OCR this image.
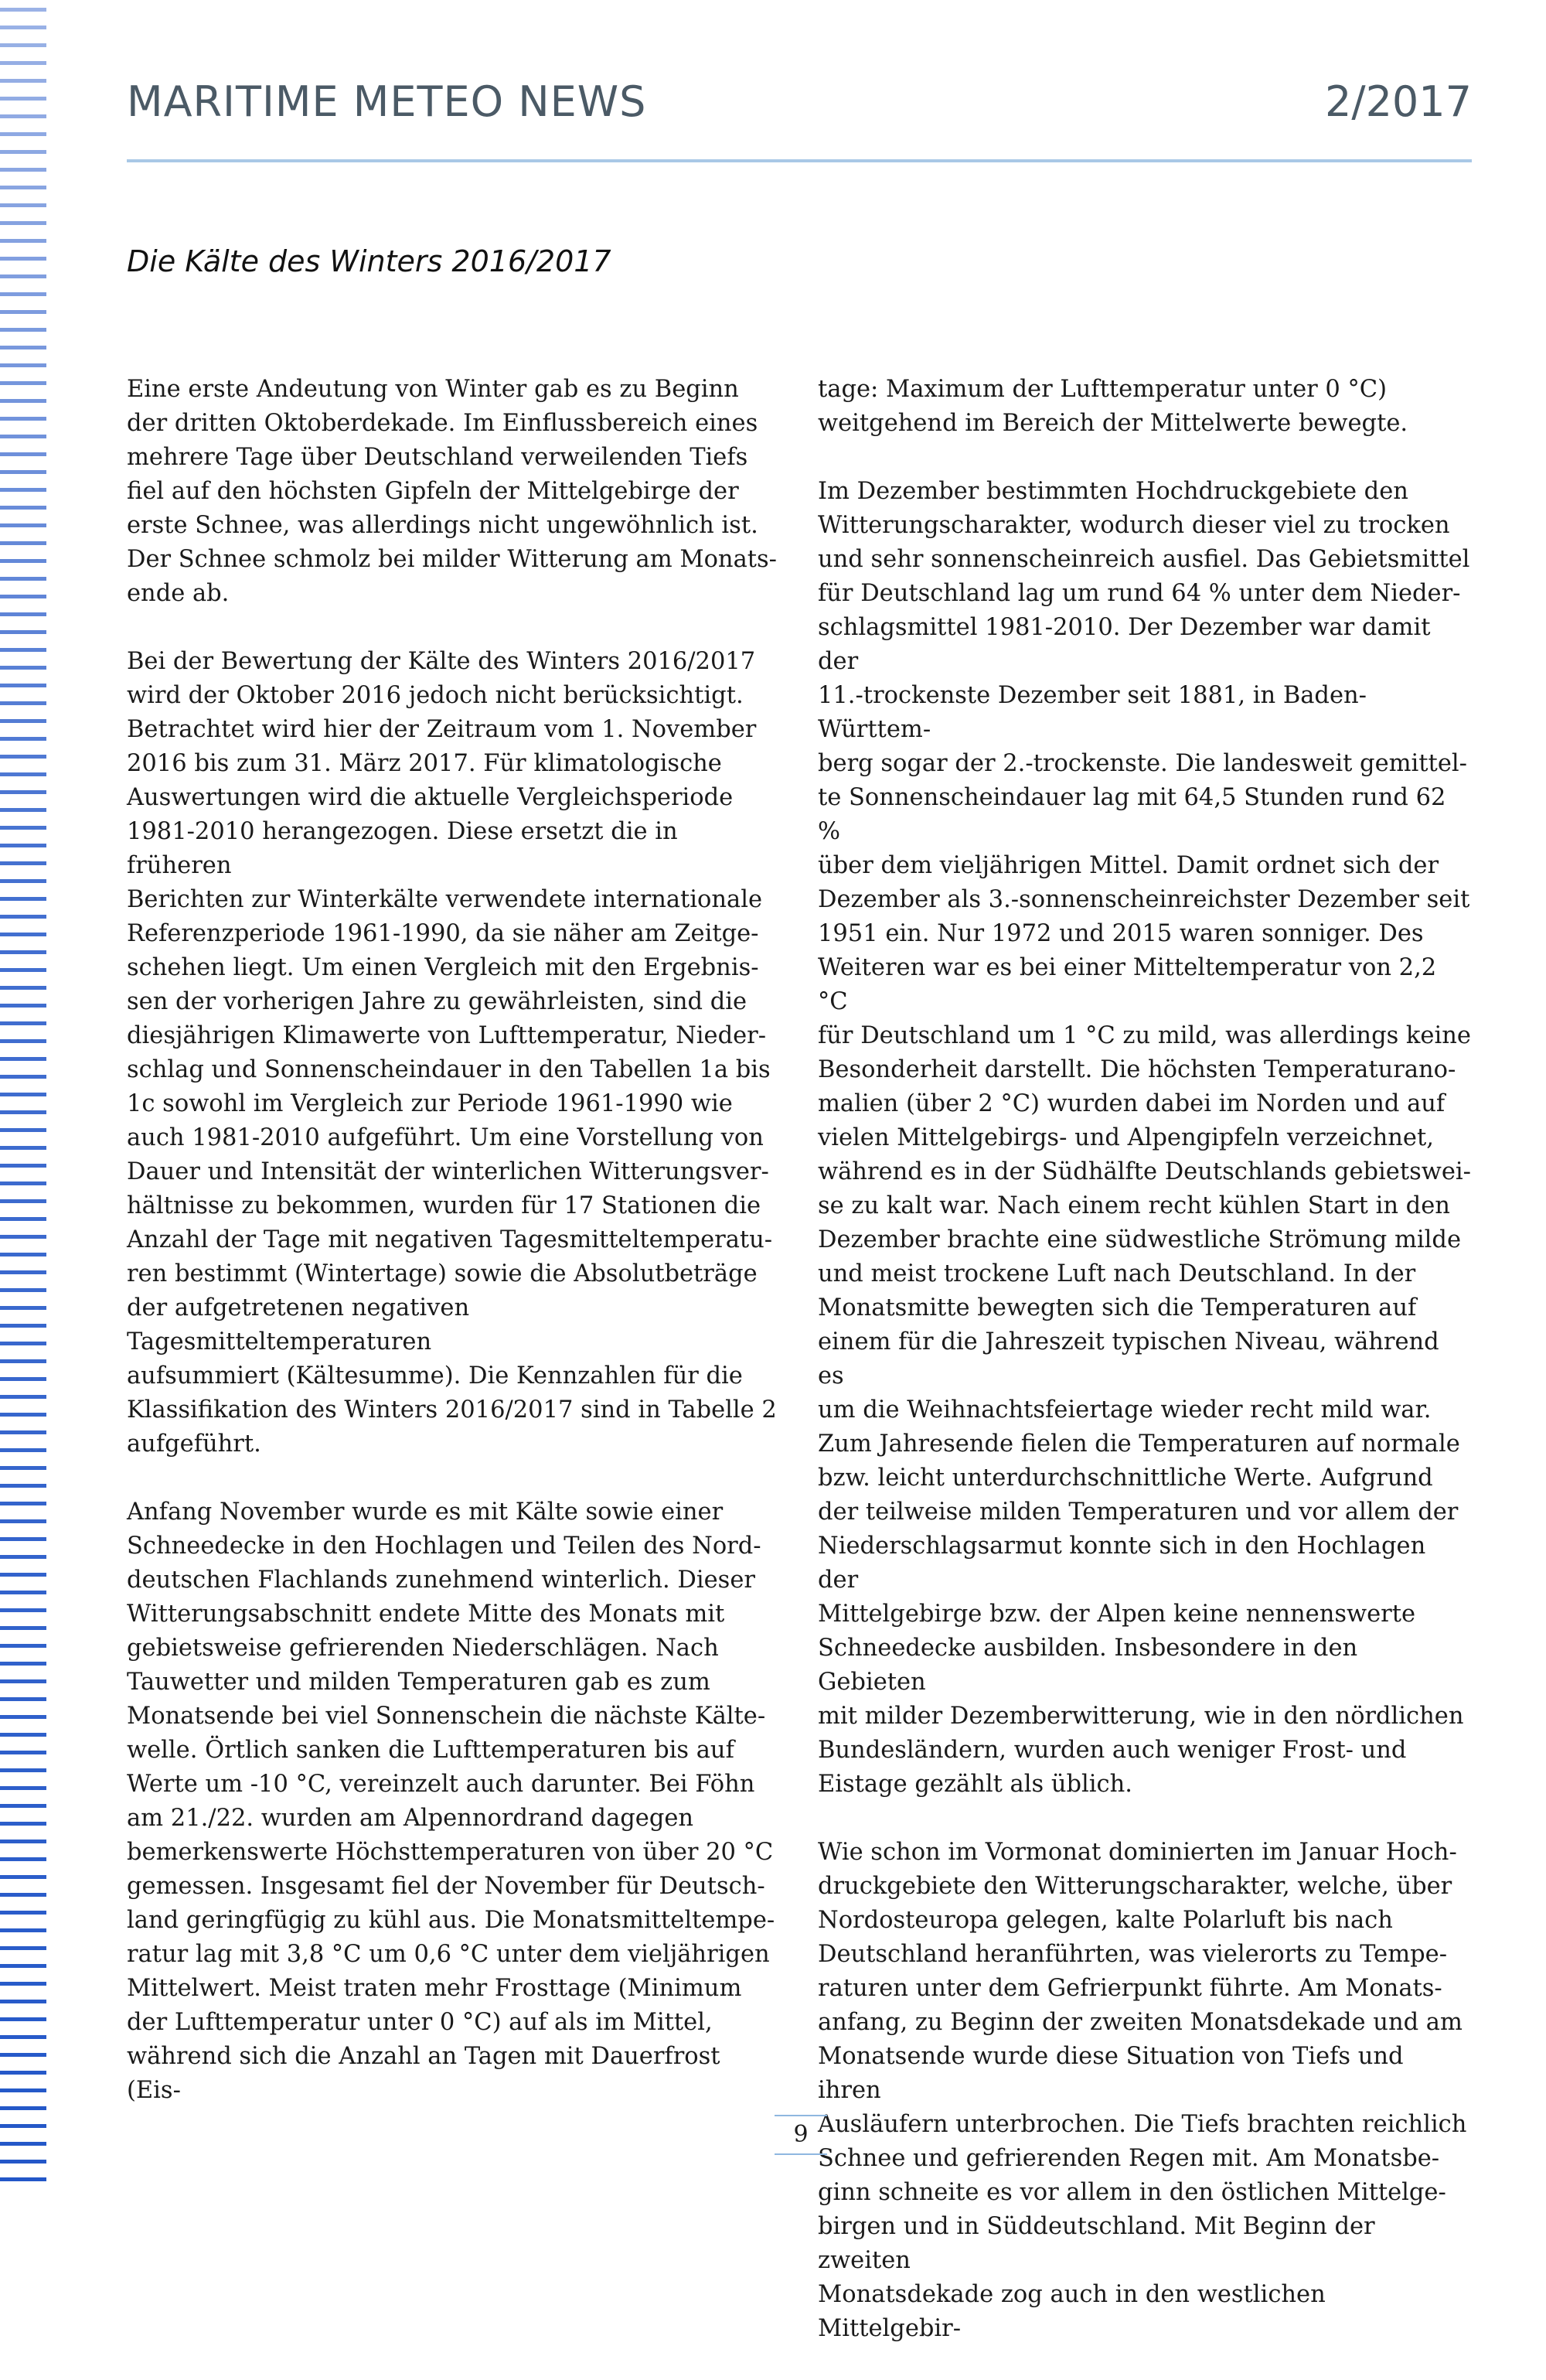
MARITIME METEO NEWS	2/2017
Die Kälte des Winters 2016/2017

Eine erste Andeutung von Winter gab es zu Beginn
der dritten Oktoberdekade. Im Einflussbereich eines
mehrere Tage über Deutschland verweilenden Tiefs
fiel auf den höchsten Gipfeln der Mittelgebirge der
erste Schnee, was allerdings nicht ungewöhnlich ist.
Der Schnee schmolz bei milder Witterung am Monats-
ende ab.

Bei der Bewertung der Kälte des Winters 2016/2017
wird der Oktober 2016 jedoch nicht berücksichtigt.
Betrachtet wird hier der Zeitraum vom 1. November
2016 bis zum 31. März 2017. Für klimatologische
Auswertungen wird die aktuelle Vergleichsperiode
1981-2010 herangezogen. Diese ersetzt die in früheren
Berichten zur Winterkälte verwendete internationale
Referenzperiode 1961-1990, da sie näher am Zeitge-
schehen liegt. Um einen Vergleich mit den Ergebnis-
sen der vorherigen Jahre zu gewährleisten, sind die
diesjährigen Klimawerte von Lufttemperatur, Nieder-
schlag und Sonnenscheindauer in den Tabellen 1a bis
1c sowohl im Vergleich zur Periode 1961-1990 wie
auch 1981-2010 aufgeführt. Um eine Vorstellung von
Dauer und Intensität der winterlichen Witterungsver-
hältnisse zu bekommen, wurden für 17 Stationen die
Anzahl der Tage mit negativen Tagesmitteltemperatu-
ren bestimmt (Wintertage) sowie die Absolutbeträge
der aufgetretenen negativen Tagesmitteltemperaturen
aufsummiert (Kältesumme). Die Kennzahlen für die
Klassifikation des Winters 2016/2017 sind in Tabelle 2
aufgeführt.

Anfang November wurde es mit Kälte sowie einer
Schneedecke in den Hochlagen und Teilen des Nord-
deutschen Flachlands zunehmend winterlich. Dieser
Witterungsabschnitt endete Mitte des Monats mit
gebietsweise gefrierenden Niederschlägen. Nach
Tauwetter und milden Temperaturen gab es zum
Monatsende bei viel Sonnenschein die nächste Kälte-
welle. Örtlich sanken die Lufttemperaturen bis auf
Werte um -10 °C, vereinzelt auch darunter. Bei Föhn
am 21./22. wurden am Alpennordrand dagegen
bemerkenswerte Höchsttemperaturen von über 20 °C
gemessen. Insgesamt fiel der November für Deutsch-
land geringfügig zu kühl aus. Die Monatsmitteltempe-
ratur lag mit 3,8 °C um 0,6 °C unter dem vieljährigen
Mittelwert. Meist traten mehr Frosttage (Minimum
der Lufttemperatur unter 0 °C) auf als im Mittel,
während sich die Anzahl an Tagen mit Dauerfrost (Eis-

tage: Maximum der Lufttemperatur unter 0 °C)
weitgehend im Bereich der Mittelwerte bewegte.

Im Dezember bestimmten Hochdruckgebiete den
Witterungscharakter, wodurch dieser viel zu trocken
und sehr sonnenscheinreich ausfiel. Das Gebietsmittel
für Deutschland lag um rund 64 % unter dem Nieder-
schlagsmittel 1981-2010. Der Dezember war damit der
11.-trockenste Dezember seit 1881, in Baden-Württem-
berg sogar der 2.-trockenste. Die landesweit gemittel-
te Sonnenscheindauer lag mit 64,5 Stunden rund 62 %
über dem vieljährigen Mittel. Damit ordnet sich der
Dezember als 3.-sonnenscheinreichster Dezember seit
1951 ein. Nur 1972 und 2015 waren sonniger. Des
Weiteren war es bei einer Mitteltemperatur von 2,2 °C
für Deutschland um 1 °C zu mild, was allerdings keine
Besonderheit darstellt. Die höchsten Temperaturano-
malien (über 2 °C) wurden dabei im Norden und auf
vielen Mittelgebirgs- und Alpengipfeln verzeichnet,
während es in der Südhälfte Deutschlands gebietswei-
se zu kalt war. Nach einem recht kühlen Start in den
Dezember brachte eine südwestliche Strömung milde
und meist trockene Luft nach Deutschland. In der
Monatsmitte bewegten sich die Temperaturen auf
einem für die Jahreszeit typischen Niveau, während es
um die Weihnachtsfeiertage wieder recht mild war.
Zum Jahresende fielen die Temperaturen auf normale
bzw. leicht unterdurchschnittliche Werte. Aufgrund
der teilweise milden Temperaturen und vor allem der
Niederschlagsarmut konnte sich in den Hochlagen der
Mittelgebirge bzw. der Alpen keine nennenswerte
Schneedecke ausbilden. Insbesondere in den Gebieten
mit milder Dezemberwitterung, wie in den nördlichen
Bundesländern, wurden auch weniger Frost- und
Eistage gezählt als üblich.

Wie schon im Vormonat dominierten im Januar Hoch-
druckgebiete den Witterungscharakter, welche, über
Nordosteuropa gelegen, kalte Polarluft bis nach
Deutschland heranführten, was vielerorts zu Tempe-
raturen unter dem Gefrierpunkt führte. Am Monats-
anfang, zu Beginn der zweiten Monatsdekade und am
Monatsende wurde diese Situation von Tiefs und ihren
Ausläufern unterbrochen. Die Tiefs brachten reichlich
Schnee und gefrierenden Regen mit. Am Monatsbe-
ginn schneite es vor allem in den östlichen Mittelge-
birgen und in Süddeutschland. Mit Beginn der zweiten
Monatsdekade zog auch in den westlichen Mittelgebir-

9
